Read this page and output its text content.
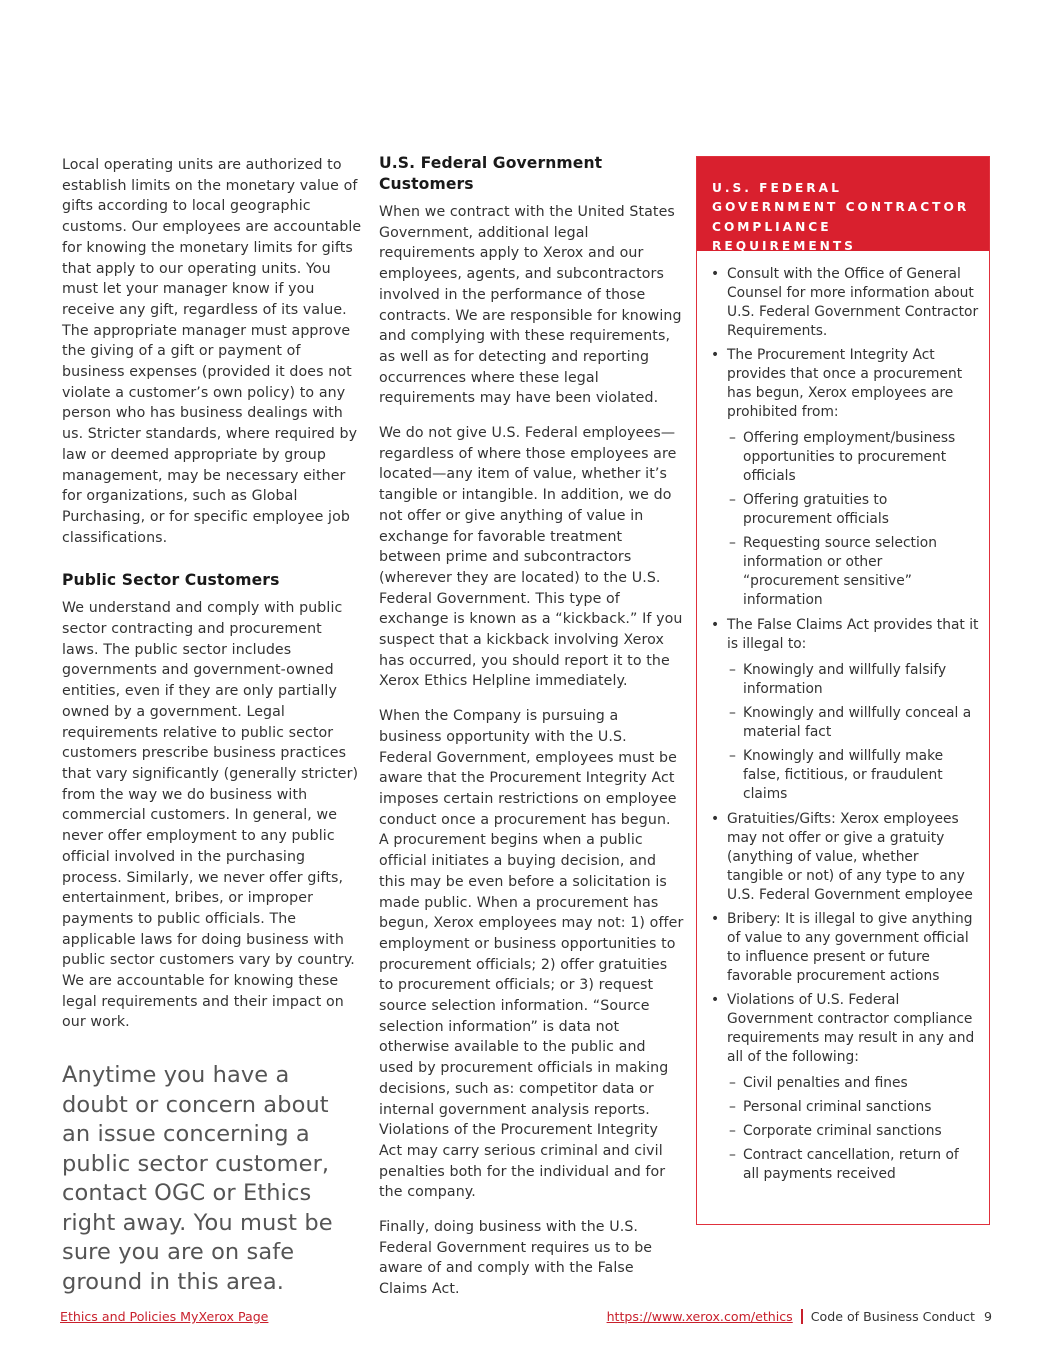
Local operating units are authorized to establish limits on the monetary value of gifts according to local geographic customs. Our employees are accountable for knowing the monetary limits for gifts that apply to our operating units. You must let your manager know if you receive any gift, regardless of its value. The appropriate manager must approve the giving of a gift or payment of business expenses (provided it does not violate a customer’s own policy) to any person who has business dealings with us. Stricter standards, where required by law or deemed appropriate by group management, may be necessary either for organizations, such as Global Purchasing, or for specific employee job classifications.

Public Sector Customers

We understand and comply with public sector contracting and procurement laws. The public sector includes governments and government-owned entities, even if they are only partially owned by a government. Legal requirements relative to public sector customers prescribe business practices that vary significantly (generally stricter) from the way we do business with commercial customers. In general, we never offer employment to any public official involved in the purchasing process. Similarly, we never offer gifts, entertainment, bribes, or improper payments to public officials. The applicable laws for doing business with public sector customers vary by country. We are accountable for knowing these legal requirements and their impact on our work.

Anytime you have a doubt or concern about an issue concerning a public sector customer, contact OGC or Ethics right away. You must be sure you are on safe ground in this area.
U.S. Federal Government Customers

When we contract with the United States Government, additional legal requirements apply to Xerox and our employees, agents, and subcontractors involved in the performance of those contracts. We are responsible for knowing and complying with these requirements, as well as for detecting and reporting occurrences where these legal requirements may have been violated.

We do not give U.S. Federal employees—regardless of where those employees are located—any item of value, whether it’s tangible or intangible. In addition, we do not offer or give anything of value in exchange for favorable treatment between prime and subcontractors (wherever they are located) to the U.S. Federal Government. This type of exchange is known as a “kickback.” If you suspect that a kickback involving Xerox has occurred, you should report it to the Xerox Ethics Helpline immediately.

When the Company is pursuing a business opportunity with the U.S. Federal Government, employees must be aware that the Procurement Integrity Act imposes certain restrictions on employee conduct once a procurement has begun. A procurement begins when a public official initiates a buying decision, and this may be even before a solicitation is made public. When a procurement has begun, Xerox employees may not: 1) offer employment or business opportunities to procurement officials; 2) offer gratuities to procurement officials; or 3) request source selection information. “Source selection information” is data not otherwise available to the public and used by procurement officials in making decisions, such as: competitor data or internal government analysis reports. Violations of the Procurement Integrity Act may carry serious criminal and civil penalties both for the individual and for the company.

Finally, doing business with the U.S. Federal Government requires us to be aware of and comply with the False Claims Act.

U.S. FEDERAL GOVERNMENT CONTRACTOR COMPLIANCE REQUIREMENTS
• Consult with the Office of General Counsel for more information about U.S. Federal Government Contractor Requirements.
• The Procurement Integrity Act provides that once a procurement has begun, Xerox employees are prohibited from:
– Offering employment/business opportunities to procurement officials
– Offering gratuities to procurement officials
– Requesting source selection information or other “procurement sensitive” information
• The False Claims Act provides that it is illegal to:
– Knowingly and willfully falsify information
– Knowingly and willfully conceal a material fact
– Knowingly and willfully make false, fictitious, or fraudulent claims
• Gratuities/Gifts: Xerox employees may not offer or give a gratuity (anything of value, whether tangible or not) of any type to any U.S. Federal Government employee
• Bribery: It is illegal to give anything of value to any government official to influence present or future favorable procurement actions
• Violations of U.S. Federal Government contractor compliance requirements may result in any and all of the following:
– Civil penalties and fines
– Personal criminal sanctions
– Corporate criminal sanctions
– Contract cancellation, return of all payments received
Ethics and Policies MyXerox Page	https://www.xerox.com/ethics Code of Business Conduct 9
